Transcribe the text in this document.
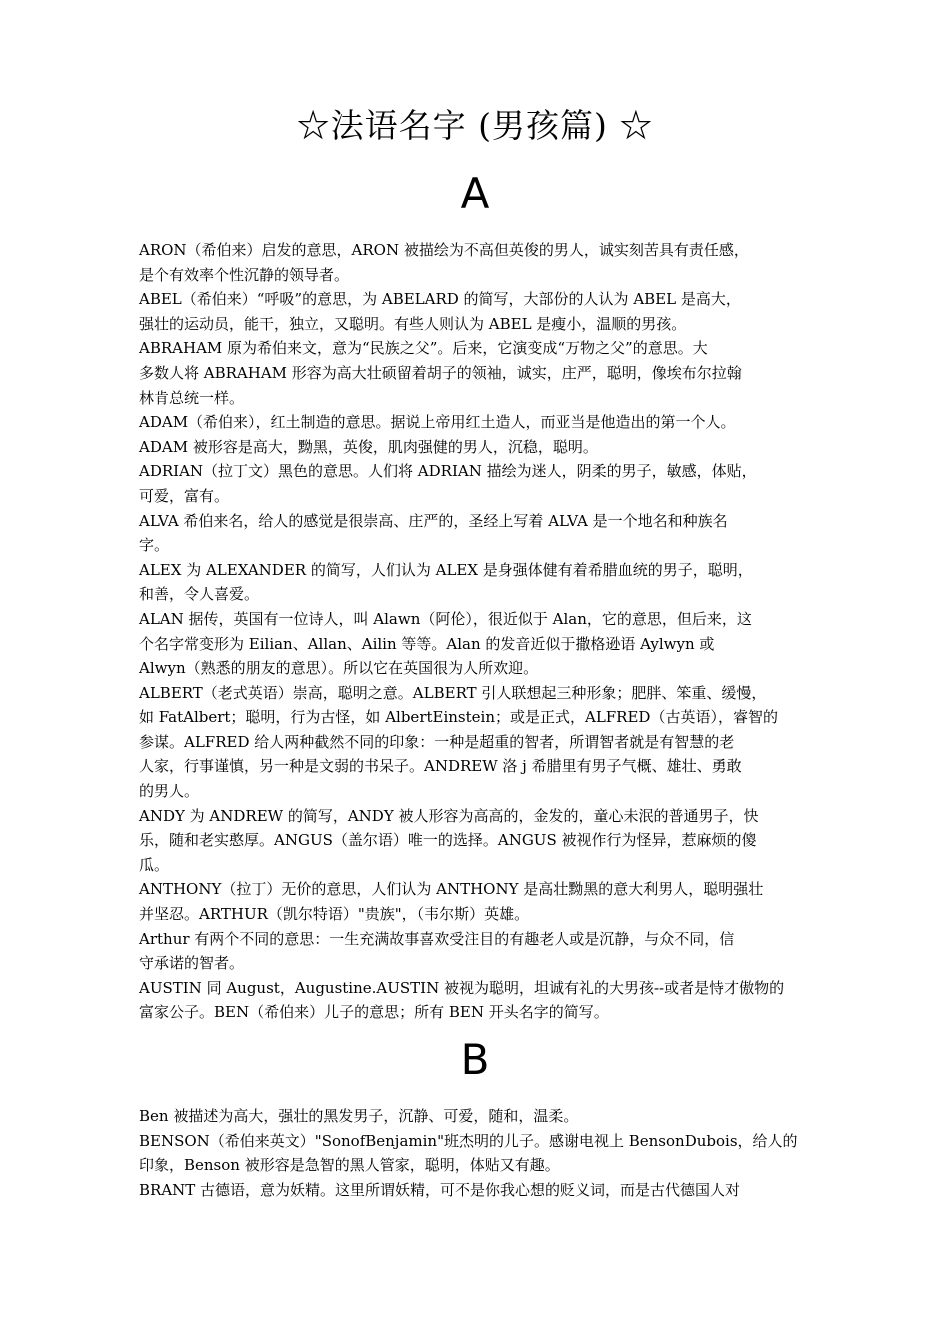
☆法语名字 (男孩篇) ☆
A

ARON（希伯来）启发的意思，ARON 被描绘为不高但英俊的男人，诚实刻苦具有责任感，

是个有效率个性沉静的领导者。

ABEL（希伯来）“呼吸”的意思，为 ABELARD 的简写，大部份的人认为 ABEL 是高大，

强壮的运动员，能干，独立，又聪明。有些人则认为 ABEL 是瘦小，温顺的男孩。

ABRAHAM 原为希伯来文，意为“民族之父”。后来，它演变成“万物之父”的意思。大

多数人将 ABRAHAM 形容为高大壮硕留着胡子的领袖，诚实，庄严，聪明，像埃布尔拉翰

林肯总统一样。

ADAM（希伯来），红土制造的意思。据说上帝用红土造人，而亚当是他造出的第一个人。

ADAM 被形容是高大，黝黑，英俊，肌肉强健的男人，沉稳，聪明。

ADRIAN（拉丁文）黑色的意思。人们将 ADRIAN 描绘为迷人，阴柔的男子，敏感，体贴，

可爱，富有。

ALVA 希伯来名，给人的感觉是很崇高、庄严的，圣经上写着 ALVA 是一个地名和种族名

字。

ALEX 为 ALEXANDER 的简写，人们认为 ALEX 是身强体健有着希腊血统的男子，聪明，

和善，令人喜爱。

ALAN 据传，英国有一位诗人，叫 Alawn（阿伦），很近似于 Alan，它的意思，但后来，这

个名字常变形为 Eilian、Allan、Ailin 等等。Alan 的发音近似于撒格逊语 Aylwyn 或

Alwyn（熟悉的朋友的意思）。所以它在英国很为人所欢迎。

ALBERT（老式英语）崇高，聪明之意。ALBERT 引人联想起三种形象；肥胖、笨重、缓慢，

如 FatAlbert；聪明，行为古怪，如 AlbertEinstein；或是正式，ALFRED（古英语），睿智的

参谋。ALFRED 给人两种截然不同的印象：一种是超重的智者，所谓智者就是有智慧的老

人家，行事谨慎，另一种是文弱的书呆子。ANDREW 洛 j 希腊里有男子气概、雄壮、勇敢

的男人。

ANDY 为 ANDREW 的简写，ANDY 被人形容为高高的，金发的，童心未泯的普通男子，快

乐，随和老实憨厚。ANGUS（盖尔语）唯一的选择。ANGUS 被视作行为怪异，惹麻烦的傻

瓜。

ANTHONY（拉丁）无价的意思，人们认为 ANTHONY 是高壮黝黑的意大利男人，聪明强壮

并坚忍。ARTHUR（凯尔特语）"贵族"，（韦尔斯）英雄。

Arthur 有两个不同的意思：一生充满故事喜欢受注目的有趣老人或是沉静，与众不同，信

守承诺的智者。

AUSTIN 同 August，Augustine.AUSTIN 被视为聪明，坦诚有礼的大男孩--或者是恃才傲物的

富家公子。BEN（希伯来）儿子的意思；所有 BEN 开头名字的简写。

B

Ben 被描述为高大，强壮的黑发男子，沉静、可爱，随和，温柔。

BENSON（希伯来英文）"SonofBenjamin"班杰明的儿子。感谢电视上 BensonDubois，给人的

印象，Benson 被形容是急智的黑人管家，聪明，体贴又有趣。

BRANT 古德语，意为妖精。这里所谓妖精，可不是你我心想的贬义词，而是古代德国人对
